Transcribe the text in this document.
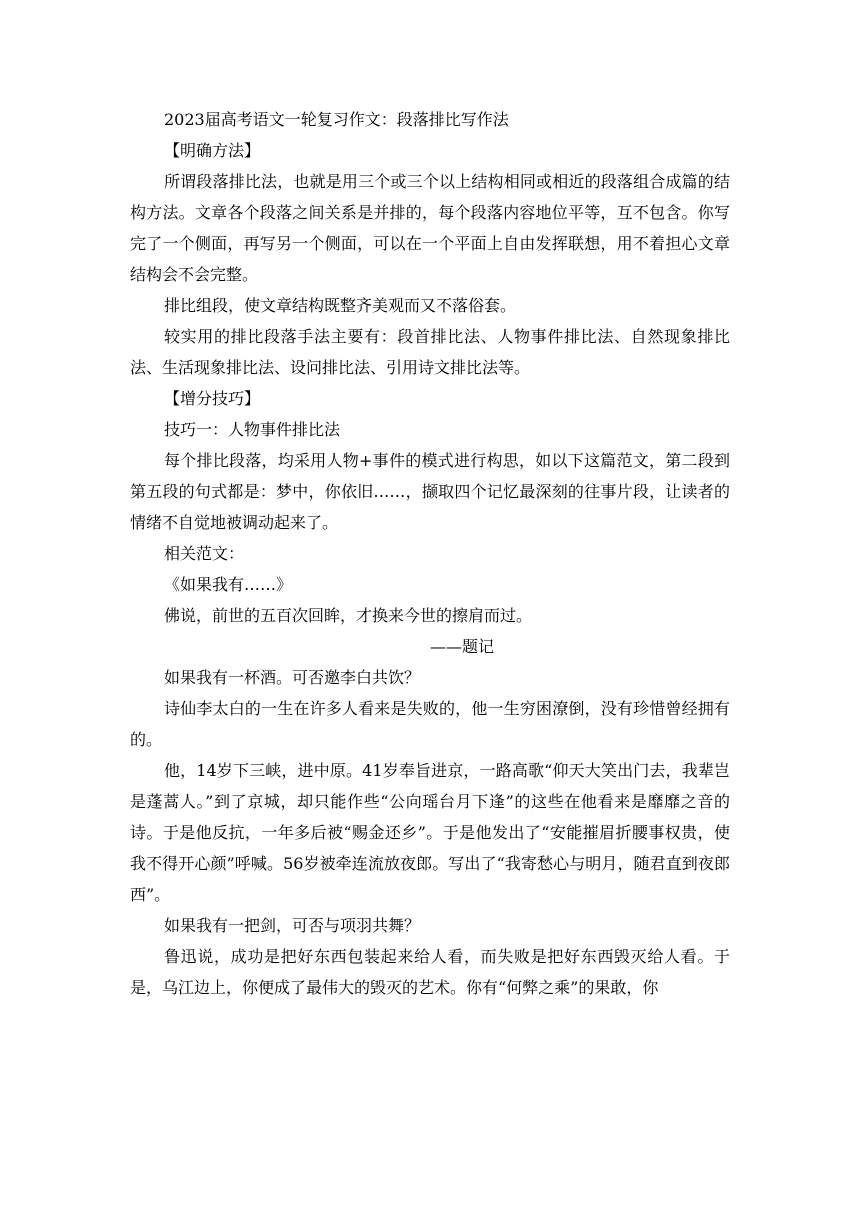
2023届高考语文一轮复习作文：段落排比写作法

【明确方法】

所谓段落排比法，也就是用三个或三个以上结构相同或相近的段落组合成篇的结构方法。文章各个段落之间关系是并排的，每个段落内容地位平等，互不包含。你写完了一个侧面，再写另一个侧面，可以在一个平面上自由发挥联想，用不着担心文章结构会不会完整。

排比组段，使文章结构既整齐美观而又不落俗套。

较实用的排比段落手法主要有：段首排比法、人物事件排比法、自然现象排比法、生活现象排比法、设问排比法、引用诗文排比法等。

【增分技巧】

技巧一：人物事件排比法

每个排比段落，均采用人物+事件的模式进行构思，如以下这篇范文，第二段到第五段的句式都是：梦中，你依旧……，撷取四个记忆最深刻的往事片段，让读者的情绪不自觉地被调动起来了。

相关范文：

《如果我有……》

佛说，前世的五百次回眸，才换来今世的擦肩而过。

——题记

如果我有一杯酒。可否邀李白共饮？

诗仙李太白的一生在许多人看来是失败的，他一生穷困潦倒，没有珍惜曾经拥有的。

他，14岁下三峡，进中原。41岁奉旨进京，一路高歌“仰天大笑出门去，我辈岂是蓬蒿人。”到了京城，却只能作些“公向瑶台月下逢”的这些在他看来是靡靡之音的诗。于是他反抗，一年多后被“赐金还乡”。于是他发出了“安能摧眉折腰事权贵，使我不得开心颜”呼喊。56岁被牵连流放夜郎。写出了“我寄愁心与明月，随君直到夜郎西”。

如果我有一把剑，可否与项羽共舞？

鲁迅说，成功是把好东西包装起来给人看，而失败是把好东西毁灭给人看。于是，乌江边上，你便成了最伟大的毁灭的艺术。你有“何弊之乘”的果敢，你
